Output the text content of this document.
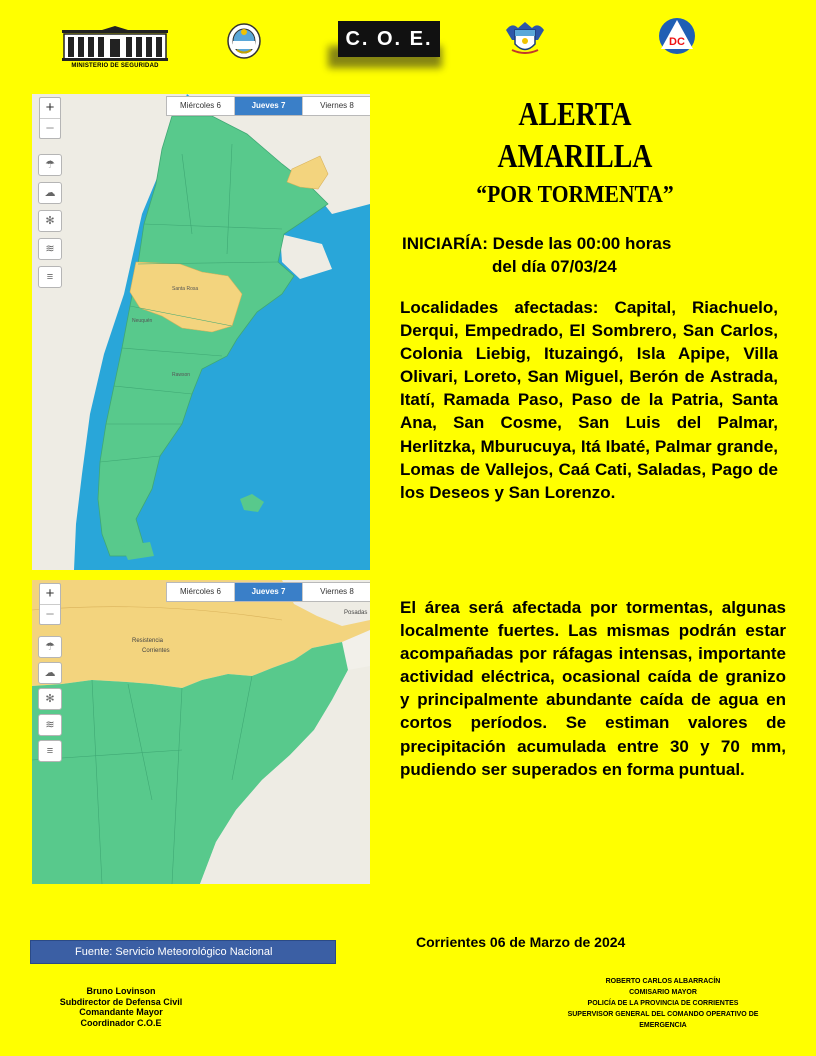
MINISTERIO DE SEGURIDAD
C. O. E.	DC
Santa Rosa
Neuquén
Rawson
Miércoles 6	Jueves 7	Viernes 8
+
−
☂
☁
✻
≋
≡
Resistencia
Corrientes
Posadas
Miércoles 6	Jueves 7	Viernes 8
+
−
☂
☁
✻
≋
≡
ALERTA
AMARILLA
“POR TORMENTA”
INICIARÍA: Desde las 00:00 horas
del día 07/03/24
Localidades afectadas: Capital, Riachuelo, Derqui, Empedrado, El Sombrero, San Carlos, Colonia Liebig, Ituzaingó, Isla Apipe, Villa Olivari, Loreto, San Miguel, Berón de Astrada, Itatí, Ramada Paso, Paso de la Patria, Santa Ana, San Cosme, San Luis del Palmar, Herlitzka, Mburucuya, Itá Ibaté, Palmar grande, Lomas de Vallejos, Caá Cati, Saladas, Pago de los Deseos y San Lorenzo.
El área será afectada por tormentas, algunas localmente fuertes. Las mismas podrán estar acompañadas por ráfagas intensas, importante actividad eléctrica, ocasional caída de granizo y principalmente abundante caída de agua en cortos períodos. Se estiman valores de precipitación acumulada entre 30 y 70 mm, pudiendo ser superados en forma puntual.
Fuente: Servicio Meteorológico Nacional
Corrientes 06 de Marzo de 2024
Bruno Lovinson
Subdirector de Defensa Civil
Comandante Mayor
Coordinador C.O.E
ROBERTO CARLOS ALBARRACÍN
COMISARIO MAYOR
POLICÍA DE LA PROVINCIA DE CORRIENTES
SUPERVISOR GENERAL DEL COMANDO OPERATIVO DE
EMERGENCIA
